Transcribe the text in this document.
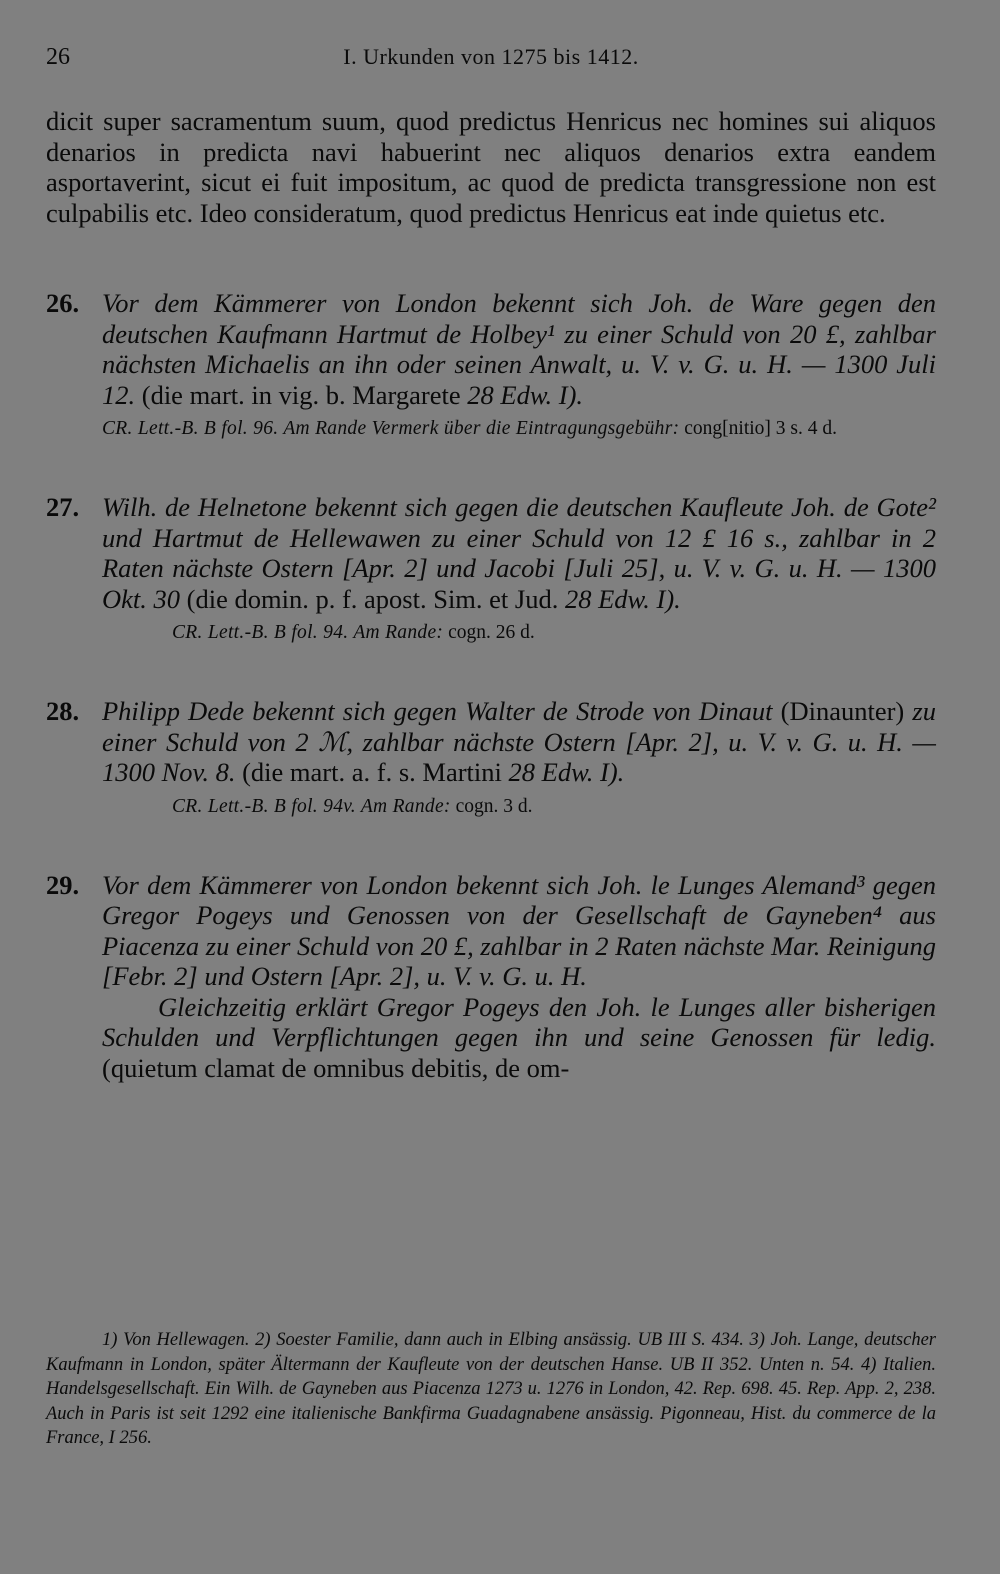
26	I. Urkunden von 1275 bis 1412.

dicit super sacramentum suum, quod predictus Henricus nec homines sui aliquos denarios in predicta navi habuerint nec aliquos denarios extra eandem asportaverint, sicut ei fuit impositum, ac quod de predicta transgressione non est culpabilis etc. Ideo consideratum, quod predictus Henricus eat inde quietus etc.

26. Vor dem Kämmerer von London bekennt sich Joh. de Ware gegen den deutschen Kaufmann Hartmut de Holbey¹ zu einer Schuld von 20 £, zahlbar nächsten Michaelis an ihn oder seinen Anwalt, u. V. v. G. u. H. — 1300 Juli 12. (die mart. in vig. b. Margarete 28 Edw. I).

CR. Lett.-B. B fol. 96. Am Rande Vermerk über die Eintragungsgebühr: cong[nitio] 3 s. 4 d.

27. Wilh. de Helnetone bekennt sich gegen die deutschen Kaufleute Joh. de Gote² und Hartmut de Hellewawen zu einer Schuld von 12 £ 16 s., zahlbar in 2 Raten nächste Ostern [Apr. 2] und Jacobi [Juli 25], u. V. v. G. u. H. — 1300 Okt. 30 (die domin. p. f. apost. Sim. et Jud. 28 Edw. I).

CR. Lett.-B. B fol. 94. Am Rande: cogn. 26 d.

28. Philipp Dede bekennt sich gegen Walter de Strode von Dinaut (Dinaunter) zu einer Schuld von 2 ℳ, zahlbar nächste Ostern [Apr. 2], u. V. v. G. u. H. — 1300 Nov. 8. (die mart. a. f. s. Martini 28 Edw. I).

CR. Lett.-B. B fol. 94v. Am Rande: cogn. 3 d.

29. Vor dem Kämmerer von London bekennt sich Joh. le Lunges Alemand³ gegen Gregor Pogeys und Genossen von der Gesellschaft de Gayneben⁴ aus Piacenza zu einer Schuld von 20 £, zahlbar in 2 Raten nächste Mar. Reinigung [Febr. 2] und Ostern [Apr. 2], u. V. v. G. u. H.

Gleichzeitig erklärt Gregor Pogeys den Joh. le Lunges aller bisherigen Schulden und Verpflichtungen gegen ihn und seine Genossen für ledig. (quietum clamat de omnibus debitis, de om-

1) Von Hellewagen. 2) Soester Familie, dann auch in Elbing ansässig. UB III S. 434. 3) Joh. Lange, deutscher Kaufmann in London, später Ältermann der Kaufleute von der deutschen Hanse. UB II 352. Unten n. 54. 4) Italien. Handelsgesellschaft. Ein Wilh. de Gayneben aus Piacenza 1273 u. 1276 in London, 42. Rep. 698. 45. Rep. App. 2, 238. Auch in Paris ist seit 1292 eine italienische Bankfirma Guadagnabene ansässig. Pigonneau, Hist. du commerce de la France, I 256.
